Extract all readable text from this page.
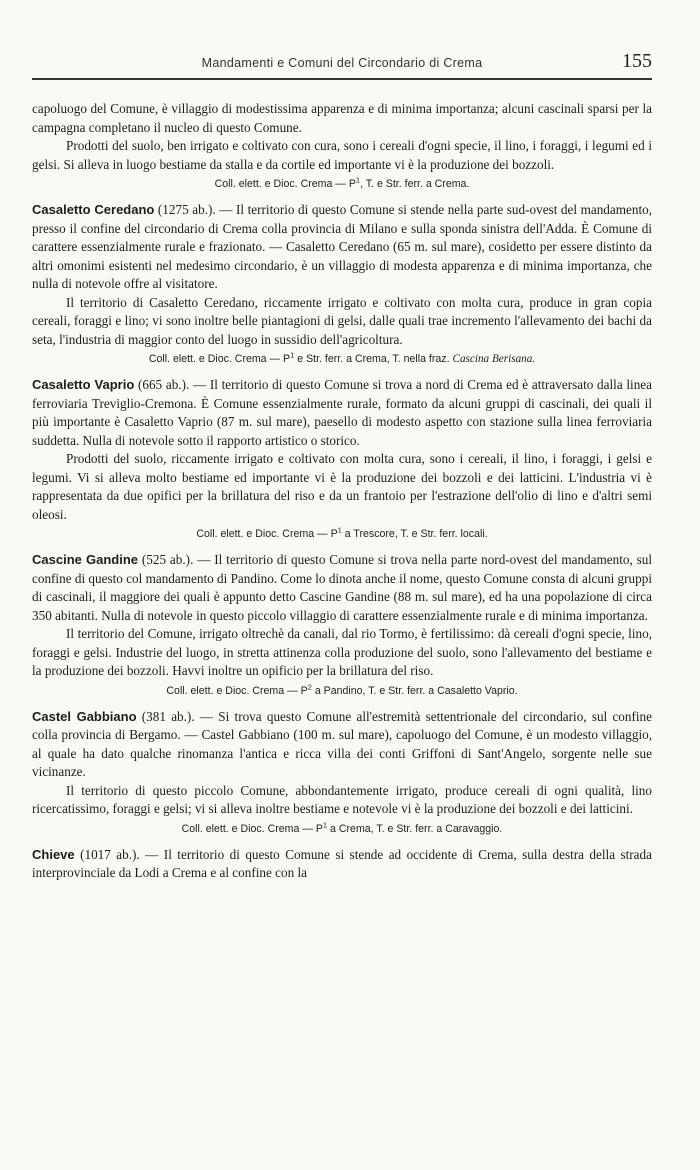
Mandamenti e Comuni del Circondario di Crema	155

capoluogo del Comune, è villaggio di modestissima apparenza e di minima importanza; alcuni cascinali sparsi per la campagna completano il nucleo di questo Comune.

Prodotti del suolo, ben irrigato e coltivato con cura, sono i cereali d'ogni specie, il lino, i foraggi, i legumi ed i gelsi. Si alleva in luogo bestiame da stalla e da cortile ed importante vi è la produzione dei bozzoli.

Coll. elett. e Dioc. Crema — $P^1$, T. e Str. ferr. a Crema.

Casaletto Ceredano (1275 ab.). — Il territorio di questo Comune si stende nella parte sud-ovest del mandamento, presso il confine del circondario di Crema colla provincia di Milano e sulla sponda sinistra dell'Adda. È Comune di carattere essenzialmente rurale e frazionato. — Casaletto Ceredano (65 m. sul mare), cosidetto per essere distinto da altri omonimi esistenti nel medesimo circondario, è un villaggio di modesta apparenza e di minima importanza, che nulla di notevole offre al visitatore.

Il territorio di Casaletto Ceredano, riccamente irrigato e coltivato con molta cura, produce in gran copia cereali, foraggi e lino; vi sono inoltre belle piantagioni di gelsi, dalle quali trae incremento l'allevamento dei bachi da seta, l'industria di maggior conto del luogo in sussidio dell'agricoltura.

Coll. elett. e Dioc. Crema — $P^1$ e Str. ferr. a Crema, T. nella fraz. Cascina Berisana.

Casaletto Vaprio (665 ab.). — Il territorio di questo Comune si trova a nord di Crema ed è attraversato dalla linea ferroviaria Treviglio-Cremona. È Comune essenzialmente rurale, formato da alcuni gruppi di cascinali, dei quali il più importante è Casaletto Vaprio (87 m. sul mare), paesello di modesto aspetto con stazione sulla linea ferroviaria suddetta. Nulla di notevole sotto il rapporto artistico o storico.

Prodotti del suolo, riccamente irrigato e coltivato con molta cura, sono i cereali, il lino, i foraggi, i gelsi e legumi. Vi si alleva molto bestiame ed importante vi è la produzione dei bozzoli e dei latticini. L'industria vi è rappresentata da due opifici per la brillatura del riso e da un frantoio per l'estrazione dell'olio di lino e d'altri semi oleosi.

Coll. elett. e Dioc. Crema — $P^1$ a Trescore, T. e Str. ferr. locali.

Cascine Gandine (525 ab.). — Il territorio di questo Comune si trova nella parte nord-ovest del mandamento, sul confine di questo col mandamento di Pandino. Come lo dinota anche il nome, questo Comune consta di alcuni gruppi di cascinali, il maggiore dei quali è appunto detto Cascine Gandine (88 m. sul mare), ed ha una popolazione di circa 350 abitanti. Nulla di notevole in questo piccolo villaggio di carattere essenzialmente rurale e di minima importanza.

Il territorio del Comune, irrigato oltrechè da canali, dal rio Tormo, è fertilissimo: dà cereali d'ogni specie, lino, foraggi e gelsi. Industrie del luogo, in stretta attinenza colla produzione del suolo, sono l'allevamento del bestiame e la produzione dei bozzoli. Havvi inoltre un opificio per la brillatura del riso.

Coll. elett. e Dioc. Crema — $P^2$ a Pandino, T. e Str. ferr. a Casaletto Vaprio.

Castel Gabbiano (381 ab.). — Si trova questo Comune all'estremità settentrionale del circondario, sul confine colla provincia di Bergamo. — Castel Gabbiano (100 m. sul mare), capoluogo del Comune, è un modesto villaggio, al quale ha dato qualche rinomanza l'antica e ricca villa dei conti Griffoni di Sant'Angelo, sorgente nelle sue vicinanze.

Il territorio di questo piccolo Comune, abbondantemente irrigato, produce cereali di ogni qualità, lino ricercatissimo, foraggi e gelsi; vi si alleva inoltre bestiame e notevole vi è la produzione dei bozzoli e dei latticini.

Coll. elett. e Dioc. Crema — $P^1$ a Crema, T. e Str. ferr. a Caravaggio.

Chieve (1017 ab.). — Il territorio di questo Comune si stende ad occidente di Crema, sulla destra della strada interprovinciale da Lodi a Crema e al confine con la
